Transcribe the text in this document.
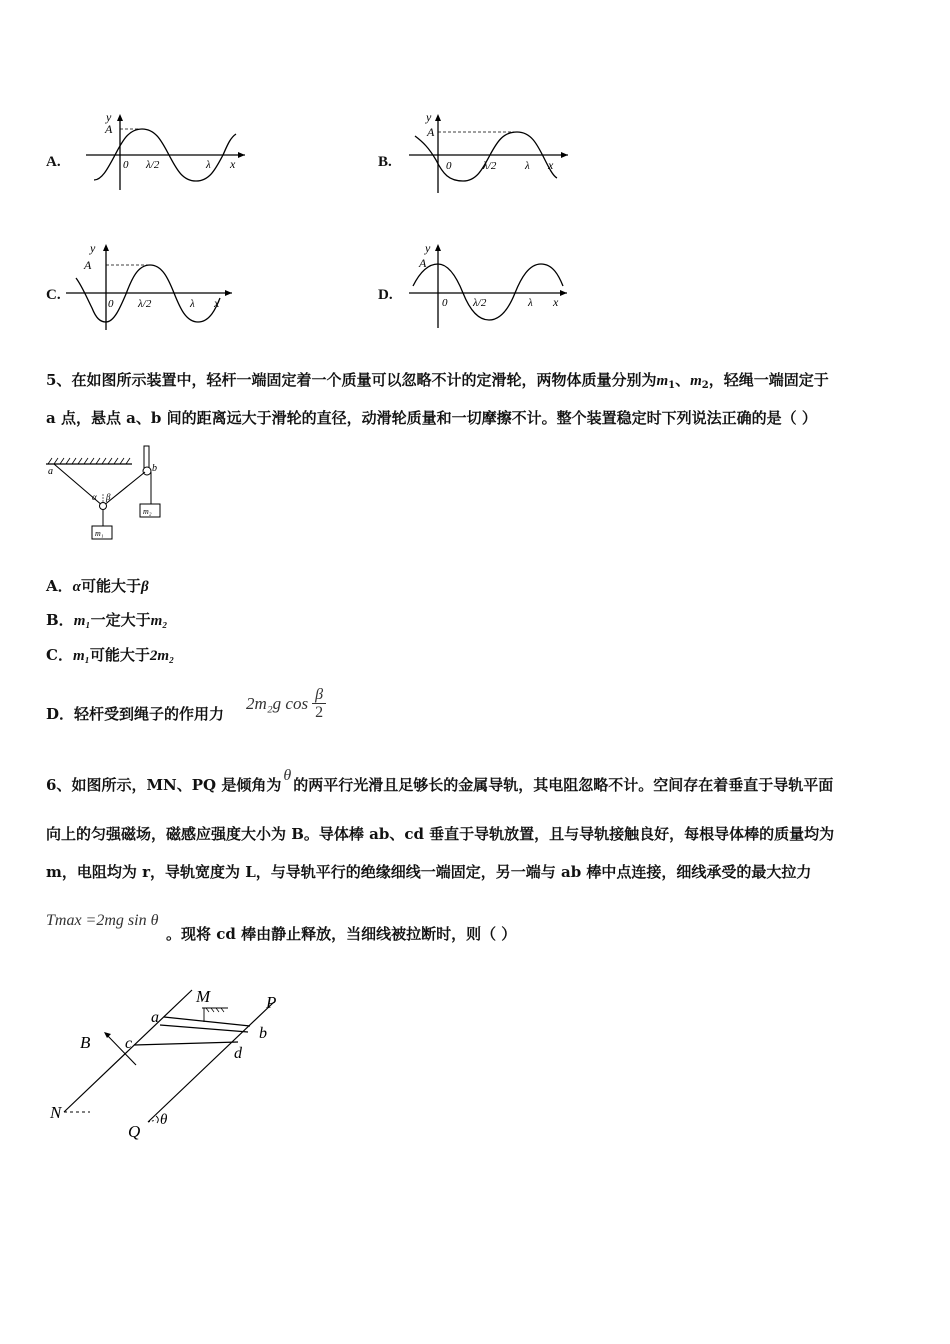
A.
y
A
0 λ/2	λ x	B.
y
A
0	λ/2	λ x
C.
y
A
0 λ/2	λ x	D.
y
A
0 λ/2	λ x
5、在如图所示装置中，轻杆一端固定着一个质量可以忽略不计的定滑轮，两物体质量分别为$m_1$、$m_2$，轻绳一端固定于
a 点，悬点 a、b 间的距离远大于滑轮的直径，动滑轮质量和一切摩擦不计。整个装置稳定时下列说法正确的是（ ）
a	b
α β
m₁
m₂
A．α可能大于β
B．m₁一定大于m₂
C．m₁可能大于2m₂
D．轻杆受到绳子的作用力
2m₂g cos β
2
6、如图所示，MN、PQ 是倾角为θ的两平行光滑且足够长的金属导轨，其电阻忽略不计。空间存在着垂直于导轨平面
向上的匀强磁场，磁感应强度大小为 B。导体棒 ab、cd 垂直于导轨放置，且与导轨接触良好，每根导体棒的质量均为
m，电阻均为 r，导轨宽度为 L，与导轨平行的绝缘细线一端固定，另一端与 ab 棒中点连接，细线承受的最大拉力
Tmax =2mg sin θ
。现将 cd 棒由静止释放，当细线被拉断时，则（ ）
M	P
a
b
c
d
B
N
Q
θ
